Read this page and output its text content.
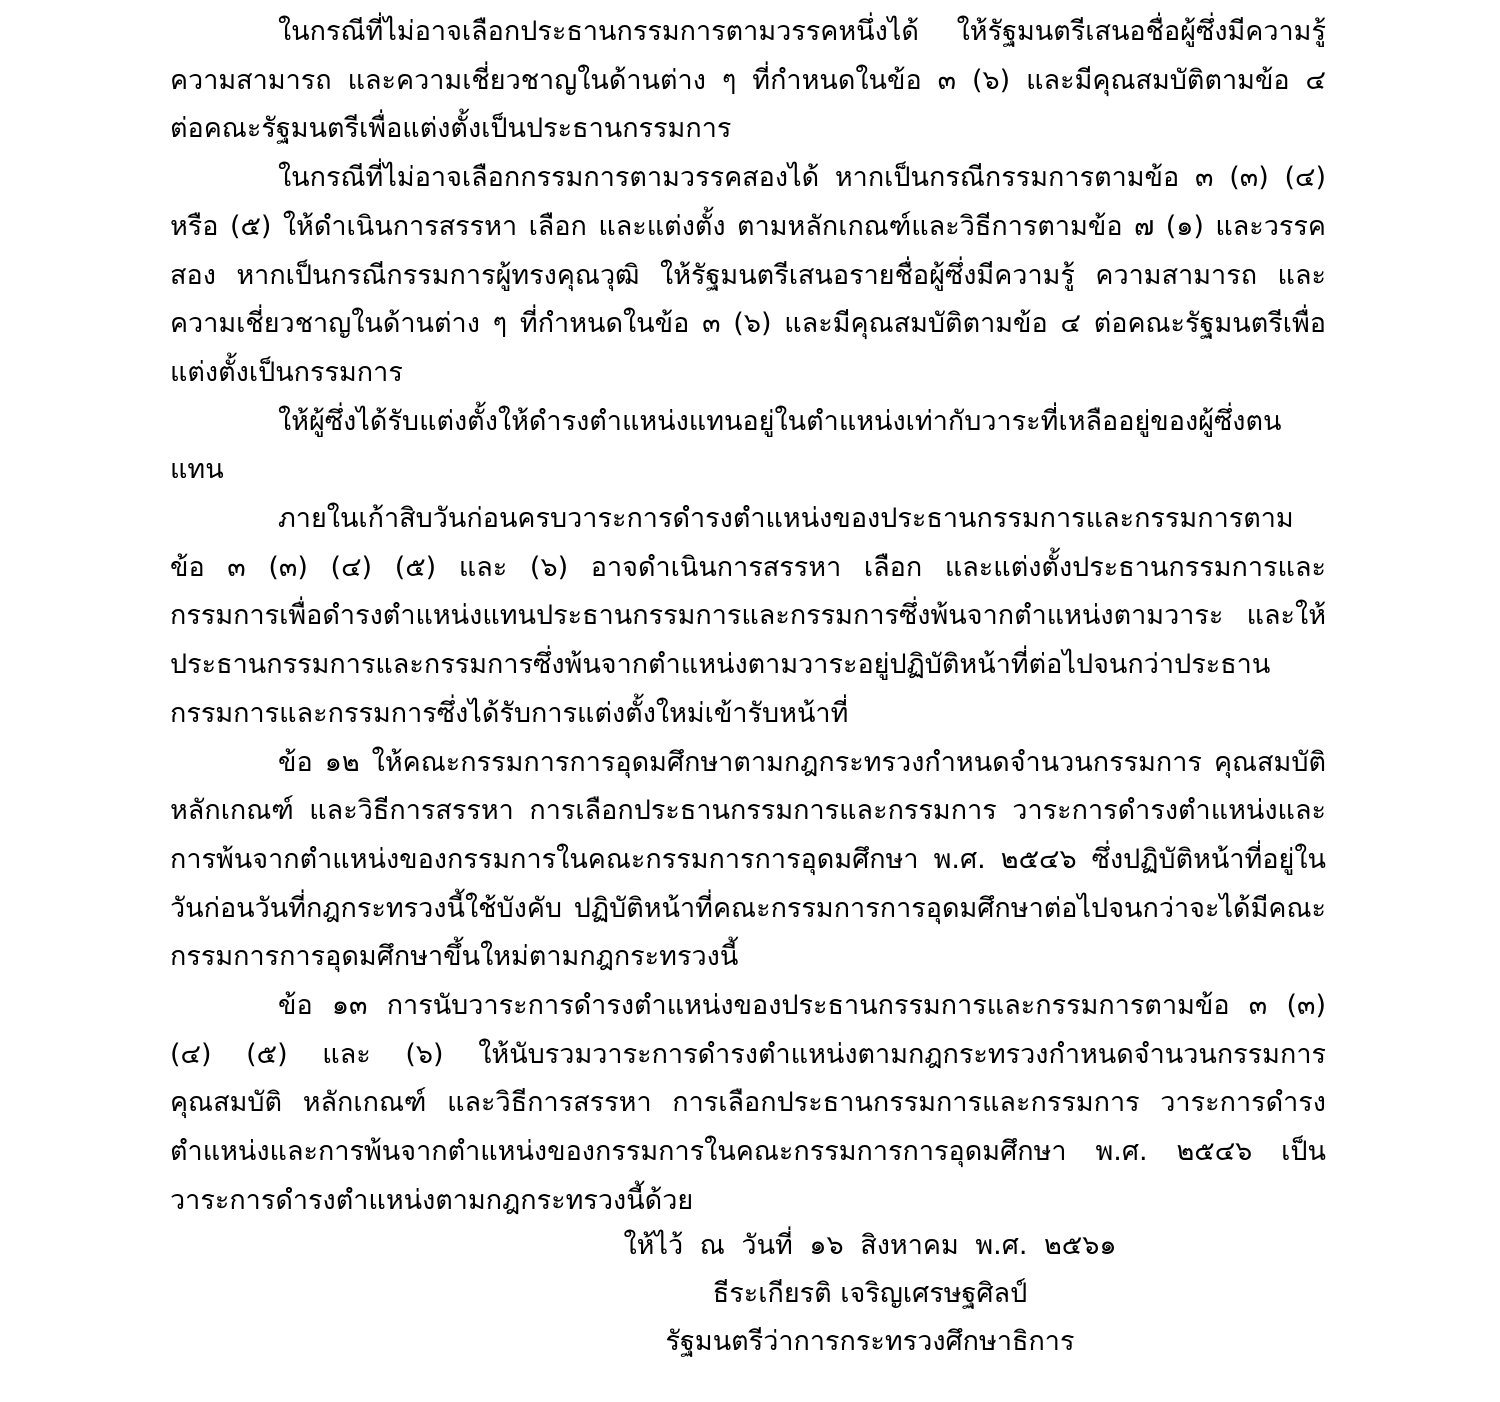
ในกรณีที่ไม่อาจเลือกประธานกรรมการตามวรรคหนึ่งได้ ให้รัฐมนตรีเสนอชื่อผู้ซึ่งมีความรู้ ความสามารถ และความเชี่ยวชาญในด้านต่าง ๆ ที่กำหนดในข้อ ๓ (๖) และมีคุณสมบัติตามข้อ ๔ ต่อคณะรัฐมนตรีเพื่อแต่งตั้งเป็นประธานกรรมการ

ในกรณีที่ไม่อาจเลือกกรรมการตามวรรคสองได้ หากเป็นกรณีกรรมการตามข้อ ๓ (๓) (๔) หรือ (๕) ให้ดำเนินการสรรหา เลือก และแต่งตั้ง ตามหลักเกณฑ์และวิธีการตามข้อ ๗ (๑) และวรรคสอง หากเป็นกรณีกรรมการผู้ทรงคุณวุฒิ ให้รัฐมนตรีเสนอรายชื่อผู้ซึ่งมีความรู้ ความสามารถ และความเชี่ยวชาญในด้านต่าง ๆ ที่กำหนดในข้อ ๓ (๖) และมีคุณสมบัติตามข้อ ๔ ต่อคณะรัฐมนตรีเพื่อแต่งตั้งเป็นกรรมการ

ให้ผู้ซึ่งได้รับแต่งตั้งให้ดำรงตำแหน่งแทนอยู่ในตำแหน่งเท่ากับวาระที่เหลืออยู่ของผู้ซึ่งตนแทน

ภายในเก้าสิบวันก่อนครบวาระการดำรงตำแหน่งของประธานกรรมการและกรรมการตามข้อ ๓ (๓) (๔) (๕) และ (๖) อาจดำเนินการสรรหา เลือก และแต่งตั้งประธานกรรมการและกรรมการเพื่อดำรงตำแหน่งแทนประธานกรรมการและกรรมการซึ่งพ้นจากตำแหน่งตามวาระ และให้ประธานกรรมการและกรรมการซึ่งพ้นจากตำแหน่งตามวาระอยู่ปฏิบัติหน้าที่ต่อไปจนกว่าประธานกรรมการและกรรมการซึ่งได้รับการแต่งตั้งใหม่เข้ารับหน้าที่

ข้อ ๑๒ ให้คณะกรรมการการอุดมศึกษาตามกฎกระทรวงกำหนดจำนวนกรรมการ คุณสมบัติ หลักเกณฑ์ และวิธีการสรรหา การเลือกประธานกรรมการและกรรมการ วาระการดำรงตำแหน่งและการพ้นจากตำแหน่งของกรรมการในคณะกรรมการการอุดมศึกษา พ.ศ. ๒๕๔๖ ซึ่งปฏิบัติหน้าที่อยู่ในวันก่อนวันที่กฎกระทรวงนี้ใช้บังคับ ปฏิบัติหน้าที่คณะกรรมการการอุดมศึกษาต่อไปจนกว่าจะได้มีคณะกรรมการการอุดมศึกษาขึ้นใหม่ตามกฎกระทรวงนี้

ข้อ ๑๓ การนับวาระการดำรงตำแหน่งของประธานกรรมการและกรรมการตามข้อ ๓ (๓) (๔) (๕) และ (๖) ให้นับรวมวาระการดำรงตำแหน่งตามกฎกระทรวงกำหนดจำนวนกรรมการ คุณสมบัติ หลักเกณฑ์ และวิธีการสรรหา การเลือกประธานกรรมการและกรรมการ วาระการดำรงตำแหน่งและการพ้นจากตำแหน่งของกรรมการในคณะกรรมการการอุดมศึกษา พ.ศ. ๒๕๔๖ เป็นวาระการดำรงตำแหน่งตามกฎกระทรวงนี้ด้วย

ให้ไว้ ณ วันที่ ๑๖ สิงหาคม พ.ศ. ๒๕๖๑
ธีระเกียรติ เจริญเศรษฐศิลป์
รัฐมนตรีว่าการกระทรวงศึกษาธิการ
